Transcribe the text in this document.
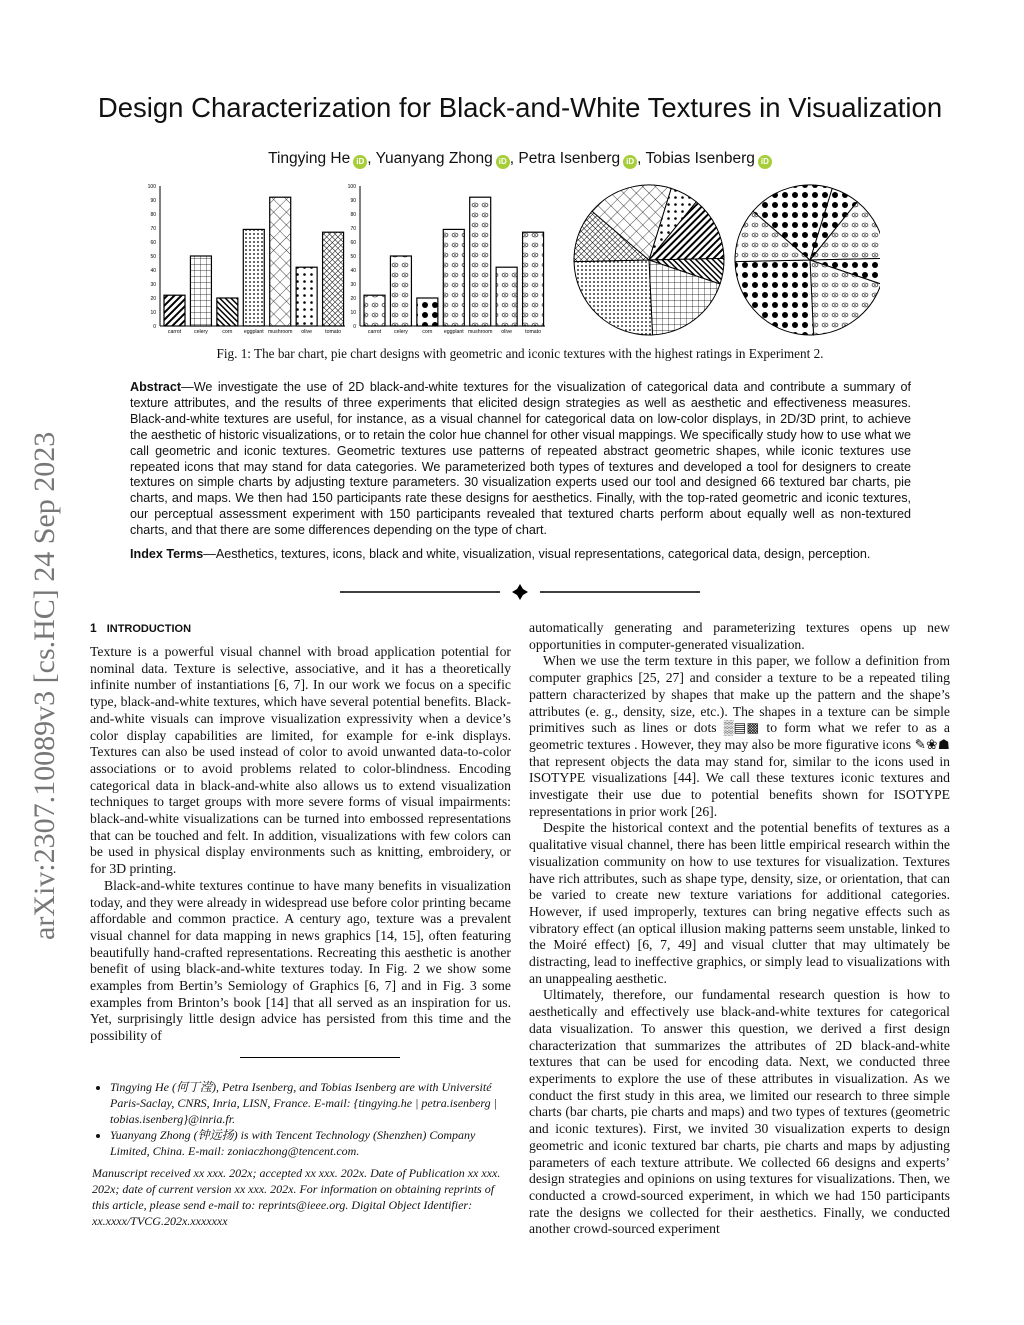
arXiv:2307.10089v3 [cs.HC] 24 Sep 2023
Design Characterization for Black-and-White Textures in Visualization
Tingying He iD , Yuanyang Zhong iD , Petra Isenberg iD , Tobias Isenberg iD
0
10
20
30
40
50
60
70
80
90
100
carrot celery	corn eggplant mushroom olive	tomato
0
10
20
30
40
50
60
70
80
90
100
carrot celery	corn eggplant mushroom olive	tomato
Fig. 1: The bar chart, pie chart designs with geometric and iconic textures with the highest ratings in Experiment 2.
Abstract—We investigate the use of 2D black-and-white textures for the visualization of categorical data and contribute a summary of texture attributes, and the results of three experiments that elicited design strategies as well as aesthetic and effectiveness measures. Black-and-white textures are useful, for instance, as a visual channel for categorical data on low-color displays, in 2D/3D print, to achieve the aesthetic of historic visualizations, or to retain the color hue channel for other visual mappings. We specifically study how to use what we call geometric and iconic textures. Geometric textures use patterns of repeated abstract geometric shapes, while iconic textures use repeated icons that may stand for data categories. We parameterized both types of textures and developed a tool for designers to create textures on simple charts by adjusting texture parameters. 30 visualization experts used our tool and designed 66 textured bar charts, pie charts, and maps. We then had 150 participants rate these designs for aesthetics. Finally, with the top-rated geometric and iconic textures, our perceptual assessment experiment with 150 participants revealed that textured charts perform about equally well as non-textured charts, and that there are some differences depending on the type of chart.
Index Terms—Aesthetics, textures, icons, black and white, visualization, visual representations, categorical data, design, perception.
1 INTRODUCTION

Texture is a powerful visual channel with broad application potential for nominal data. Texture is selective, associative, and it has a theoretically infinite number of instantiations [6, 7]. In our work we focus on a specific type, black-and-white textures, which have several potential benefits. Black-and-white visuals can improve visualization expressivity when a device’s color display capabilities are limited, for example for e-ink displays. Textures can also be used instead of color to avoid unwanted data-to-color associations or to avoid problems related to color-blindness. Encoding categorical data in black-and-white also allows us to extend visualization techniques to target groups with more severe forms of visual impairments: black-and-white visualizations can be turned into embossed representations that can be touched and felt. In addition, visualizations with few colors can be used in physical display environments such as knitting, embroidery, or for 3D printing.

Black-and-white textures continue to have many benefits in visualization today, and they were already in widespread use before color printing became affordable and common practice. A century ago, texture was a prevalent visual channel for data mapping in news graphics [14, 15], often featuring beautifully hand-crafted representations. Recreating this aesthetic is another benefit of using black-and-white textures today. In Fig. 2 we show some examples from Bertin’s Semiology of Graphics [6, 7] and in Fig. 3 some examples from Brinton’s book [14] that all served as an inspiration for us. Yet, surprisingly little design advice has persisted from this time and the possibility of

• Tingying He (何丁滢), Petra Isenberg, and Tobias Isenberg are with Université Paris-Saclay, CNRS, Inria, LISN, France. E-mail: {tingying.he | petra.isenberg | tobias.isenberg}@inria.fr.
• Yuanyang Zhong (钟远扬) is with Tencent Technology (Shenzhen) Company Limited, China. E-mail: zoniaczhong@tencent.com.

Manuscript received xx xxx. 202x; accepted xx xxx. 202x. Date of Publication xx xxx. 202x; date of current version xx xxx. 202x. For information on obtaining reprints of this article, please send e-mail to: reprints@ieee.org. Digital Object Identifier: xx.xxxx/TVCG.202x.xxxxxxx

automatically generating and parameterizing textures opens up new opportunities in computer-generated visualization.

When we use the term texture in this paper, we follow a definition from computer graphics [25, 27] and consider a texture to be a repeated tiling pattern characterized by shapes that make up the pattern and the shape’s attributes (e. g., density, size, etc.). The shapes in a texture can be simple primitives such as lines or dots ▒▤▩ to form what we refer to as a geometric textures . However, they may also be more figurative icons ✎❀☗ that represent objects the data may stand for, similar to the icons used in ISOTYPE visualizations [44]. We call these textures iconic textures and investigate their use due to potential benefits shown for ISOTYPE representations in prior work [26].

Despite the historical context and the potential benefits of textures as a qualitative visual channel, there has been little empirical research within the visualization community on how to use textures for visualization. Textures have rich attributes, such as shape type, density, size, or orientation, that can be varied to create new texture variations for additional categories. However, if used improperly, textures can bring negative effects such as vibratory effect (an optical illusion making patterns seem unstable, linked to the Moiré effect) [6, 7, 49] and visual clutter that may ultimately be distracting, lead to ineffective graphics, or simply lead to visualizations with an unappealing aesthetic.

Ultimately, therefore, our fundamental research question is how to aesthetically and effectively use black-and-white textures for categorical data visualization. To answer this question, we derived a first design characterization that summarizes the attributes of 2D black-and-white textures that can be used for encoding data. Next, we conducted three experiments to explore the use of these attributes in visualization. As we conduct the first study in this area, we limited our research to three simple charts (bar charts, pie charts and maps) and two types of textures (geometric and iconic textures). First, we invited 30 visualization experts to design geometric and iconic textured bar charts, pie charts and maps by adjusting parameters of each texture attribute. We collected 66 designs and experts’ design strategies and opinions on using textures for visualizations. Then, we conducted a crowd-sourced experiment, in which we had 150 participants rate the designs we collected for their aesthetics. Finally, we conducted another crowd-sourced experiment
